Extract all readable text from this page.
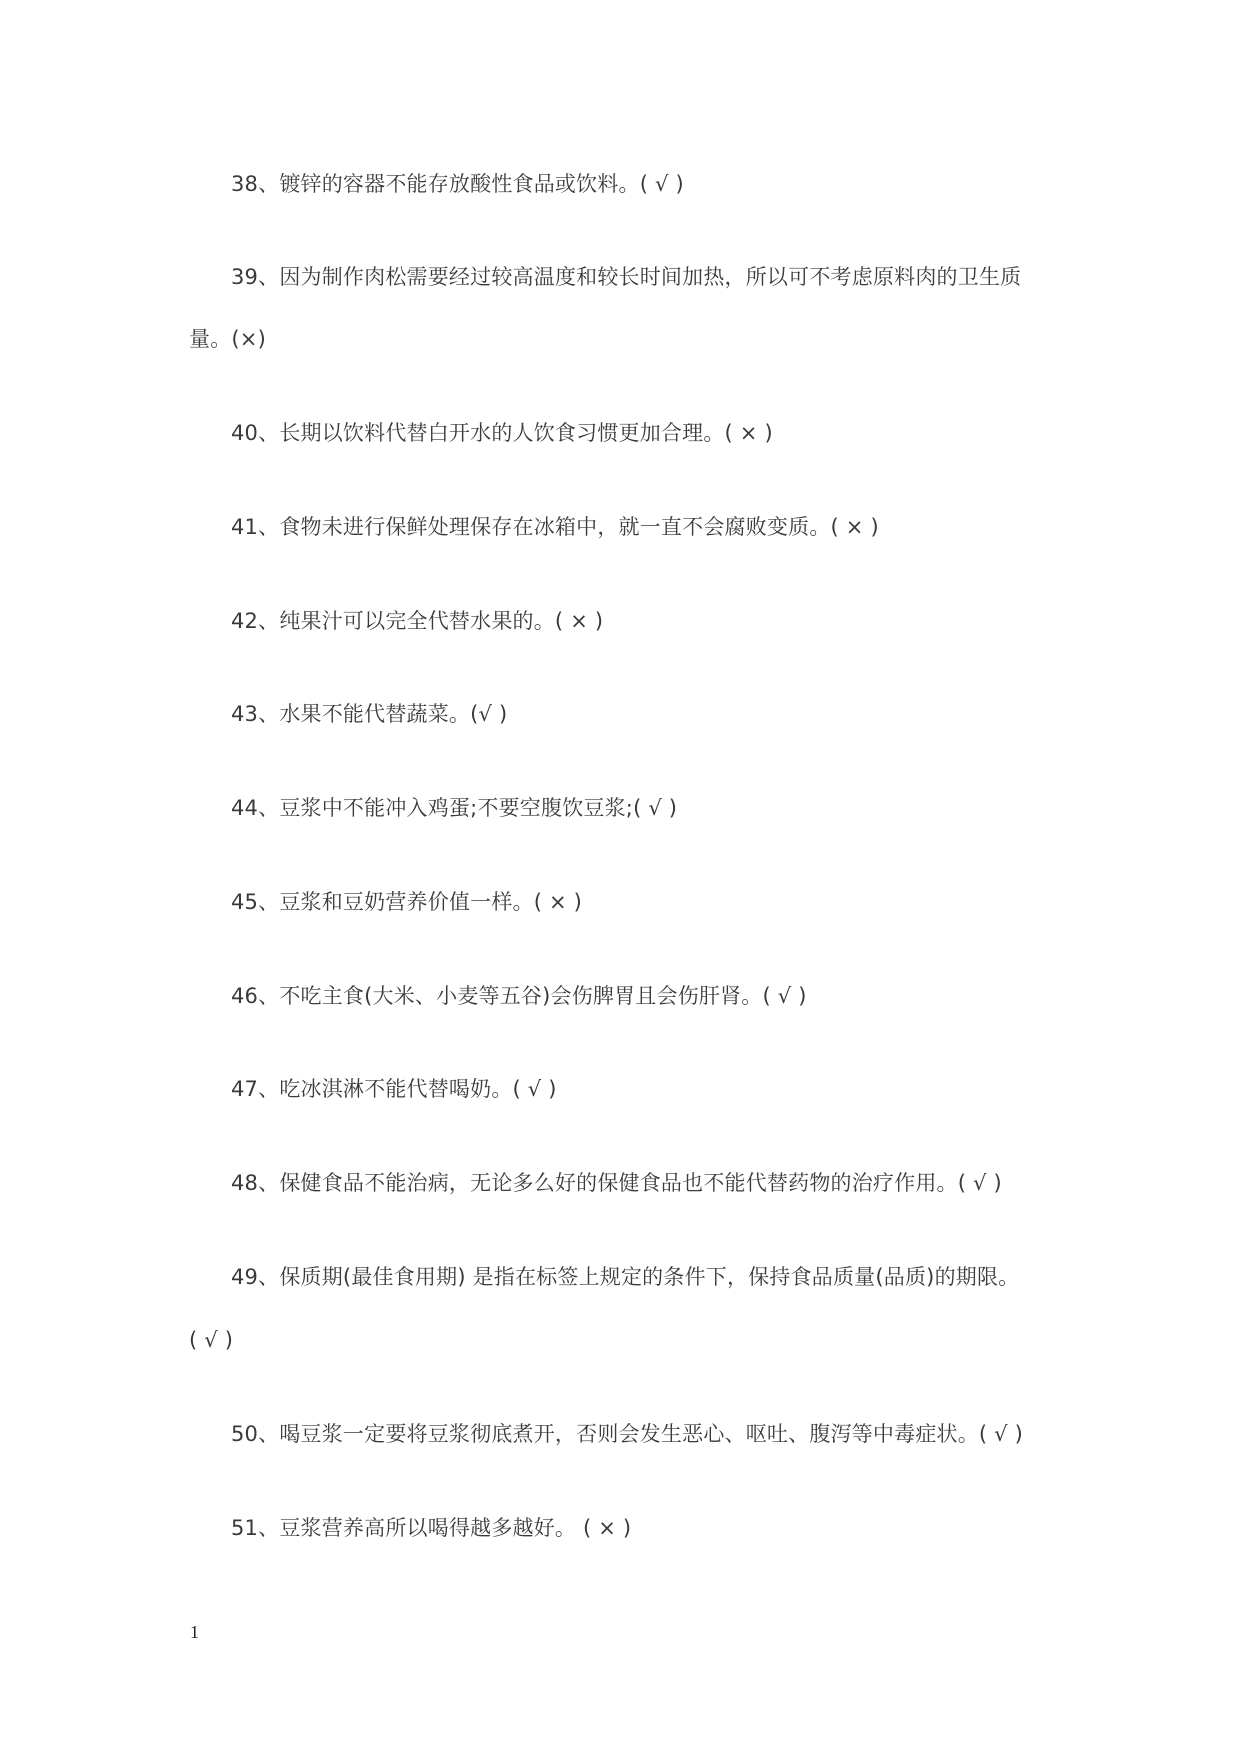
38、镀锌的容器不能存放酸性食品或饮料。( √ )
39、因为制作肉松需要经过较高温度和较长时间加热，所以可不考虑原料肉的卫生质
量。(×)
40、长期以饮料代替白开水的人饮食习惯更加合理。( × )
41、食物未进行保鲜处理保存在冰箱中，就一直不会腐败变质。( × )
42、纯果汁可以完全代替水果的。( × )
43、水果不能代替蔬菜。(√ )
44、豆浆中不能冲入鸡蛋;不要空腹饮豆浆;( √ )
45、豆浆和豆奶营养价值一样。( × )
46、不吃主食(大米、小麦等五谷)会伤脾胃且会伤肝肾。( √ )
47、吃冰淇淋不能代替喝奶。( √ )
48、保健食品不能治病，无论多么好的保健食品也不能代替药物的治疗作用。( √ )
49、保质期(最佳食用期) 是指在标签上规定的条件下，保持食品质量(品质)的期限。
( √ )
50、喝豆浆一定要将豆浆彻底煮开，否则会发生恶心、呕吐、腹泻等中毒症状。( √ )
51、豆浆营养高所以喝得越多越好。 ( × )
1
